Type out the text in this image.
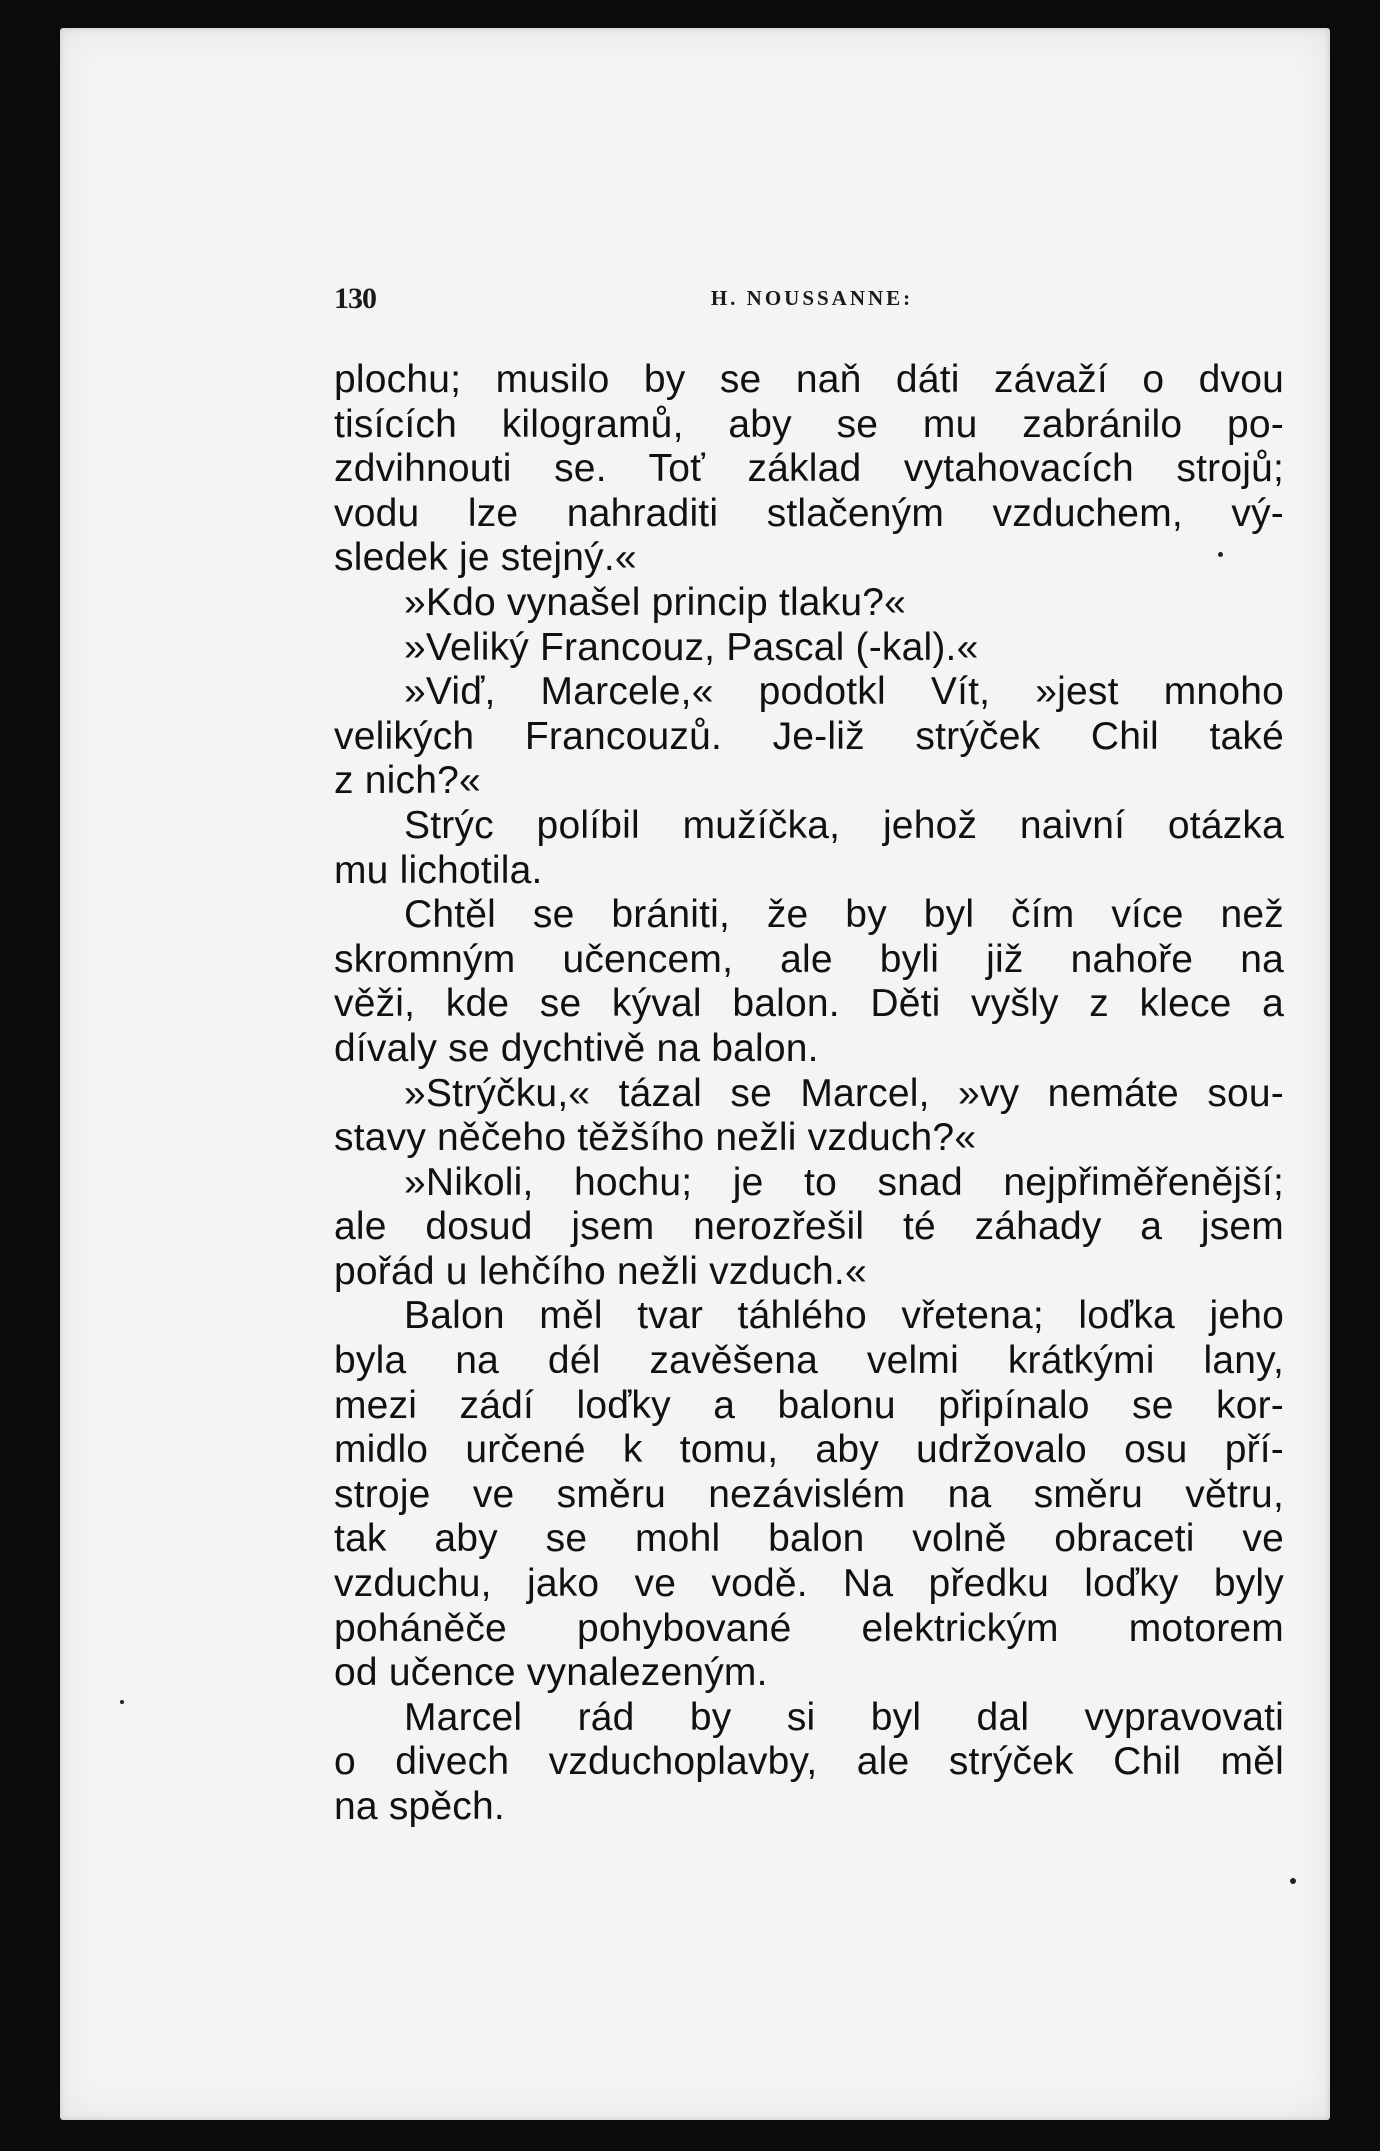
130	H. NOUSSANNE:
plochu; musilo by se naň dáti závaží o dvou
tisících kilogramů, aby se mu zabránilo po-
zdvihnouti se. Toť základ vytahovacích strojů;
vodu lze nahraditi stlačeným vzduchem, vý-
sledek je stejný.«
»Kdo vynašel princip tlaku?«
»Veliký Francouz, Pascal (-kal).«
»Viď, Marcele,« podotkl Vít, »jest mnoho
velikých Francouzů. Je-liž strýček Chil také
z nich?«
Strýc políbil mužíčka, jehož naivní otázka
mu lichotila.
Chtěl se brániti, že by byl čím více než
skromným učencem, ale byli již nahoře na
věži, kde se kýval balon. Děti vyšly z klece a
dívaly se dychtivě na balon.
»Strýčku,« tázal se Marcel, »vy nemáte sou-
stavy něčeho těžšího nežli vzduch?«
»Nikoli, hochu; je to snad nejpřiměřenější;
ale dosud jsem nerozřešil té záhady a jsem
pořád u lehčího nežli vzduch.«
Balon měl tvar táhlého vřetena; loďka jeho
byla na dél zavěšena velmi krátkými lany,
mezi zádí loďky a balonu připínalo se kor-
midlo určené k tomu, aby udržovalo osu pří-
stroje ve směru nezávislém na směru větru,
tak aby se mohl balon volně obraceti ve
vzduchu, jako ve vodě. Na předku loďky byly
poháněče pohybované elektrickým motorem
od učence vynalezeným.
Marcel rád by si byl dal vypravovati
o divech vzduchoplavby, ale strýček Chil měl
na spěch.
